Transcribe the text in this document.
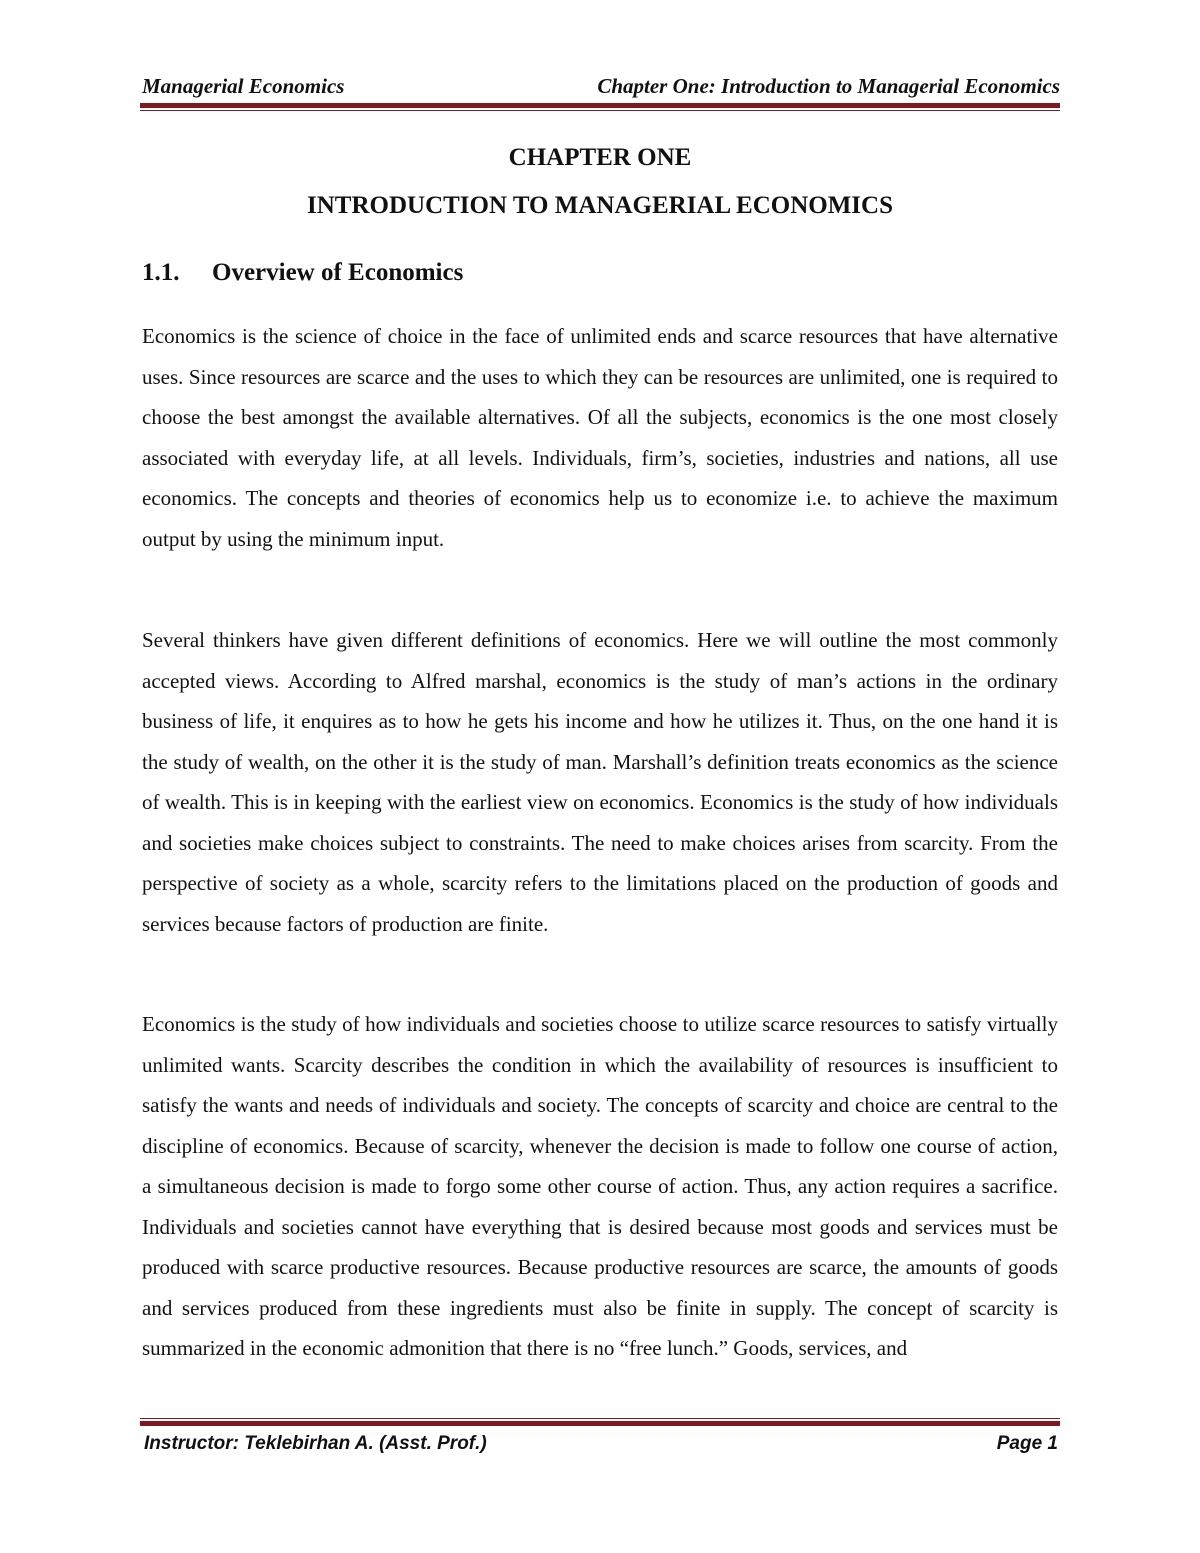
Managerial Economics	Chapter One: Introduction to Managerial Economics
CHAPTER ONE
INTRODUCTION TO MANAGERIAL ECONOMICS
1.1. Overview of Economics

Economics is the science of choice in the face of unlimited ends and scarce resources that have alternative uses. Since resources are scarce and the uses to which they can be resources are unlimited, one is required to choose the best amongst the available alternatives. Of all the subjects, economics is the one most closely associated with everyday life, at all levels. Individuals, firm’s, societies, industries and nations, all use economics. The concepts and theories of economics help us to economize i.e. to achieve the maximum output by using the minimum input.

Several thinkers have given different definitions of economics. Here we will outline the most commonly accepted views. According to Alfred marshal, economics is the study of man’s actions in the ordinary business of life, it enquires as to how he gets his income and how he utilizes it. Thus, on the one hand it is the study of wealth, on the other it is the study of man. Marshall’s definition treats economics as the science of wealth. This is in keeping with the earliest view on economics. Economics is the study of how individuals and societies make choices subject to constraints. The need to make choices arises from scarcity. From the perspective of society as a whole, scarcity refers to the limitations placed on the production of goods and services because factors of production are finite.

Economics is the study of how individuals and societies choose to utilize scarce resources to satisfy virtually unlimited wants. Scarcity describes the condition in which the availability of resources is insufficient to satisfy the wants and needs of individuals and society. The concepts of scarcity and choice are central to the discipline of economics. Because of scarcity, whenever the decision is made to follow one course of action, a simultaneous decision is made to forgo some other course of action. Thus, any action requires a sacrifice. Individuals and societies cannot have everything that is desired because most goods and services must be produced with scarce productive resources. Because productive resources are scarce, the amounts of goods and services produced from these ingredients must also be finite in supply. The concept of scarcity is summarized in the economic admonition that there is no “free lunch.” Goods, services, and

Instructor: Teklebirhan A. (Asst. Prof.)	Page 1
